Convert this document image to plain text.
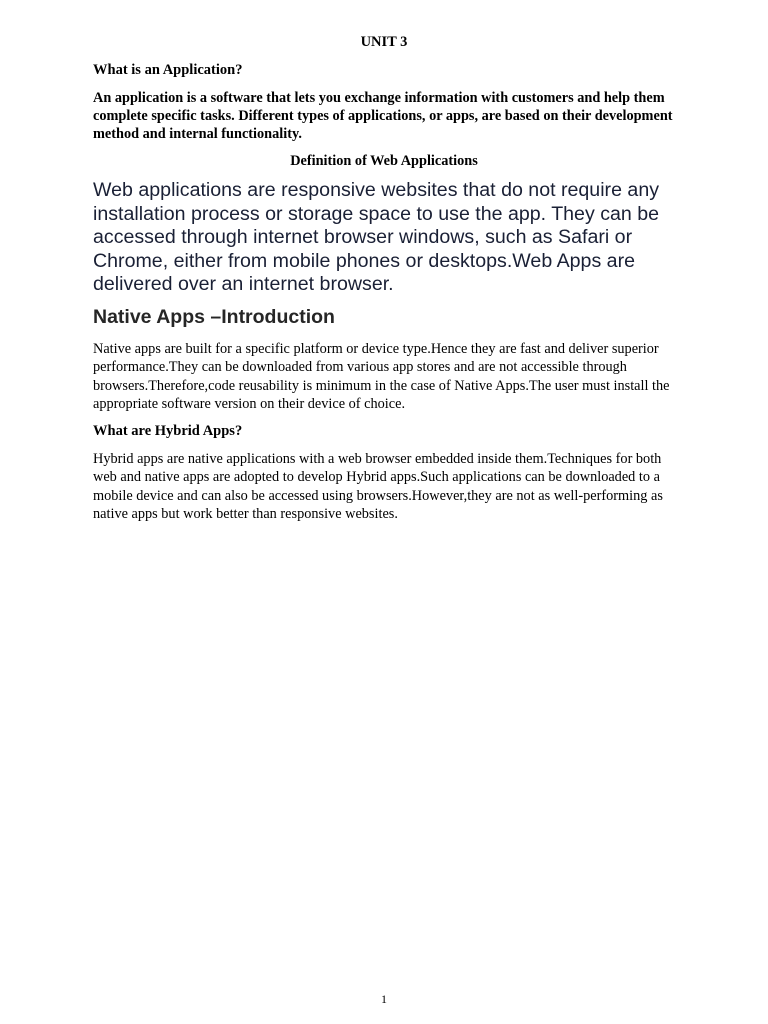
UNIT 3
What is an Application?

An application is a software that lets you exchange information with customers and help them complete specific tasks. Different types of applications, or apps, are based on their development method and internal functionality.

Definition of Web Applications

Web applications are responsive websites that do not require any installation process or storage space to use the app. They can be accessed through internet browser windows, such as Safari or Chrome, either from mobile phones or desktops.Web Apps are delivered over an internet browser.

Native Apps –Introduction

Native apps are built for a specific platform or device type.Hence they are fast and deliver superior performance.They can be downloaded from various app stores and are not accessible through browsers.Therefore,code reusability is minimum in the case of Native Apps.The user must install the appropriate software version on their device of choice.

What are Hybrid Apps?

Hybrid apps are native applications with a web browser embedded inside them.Techniques for both web and native apps are adopted to develop Hybrid apps.Such applications can be downloaded to a mobile device and can also be accessed using browsers.However,they are not as well-performing as native apps but work better than responsive websites.

1
